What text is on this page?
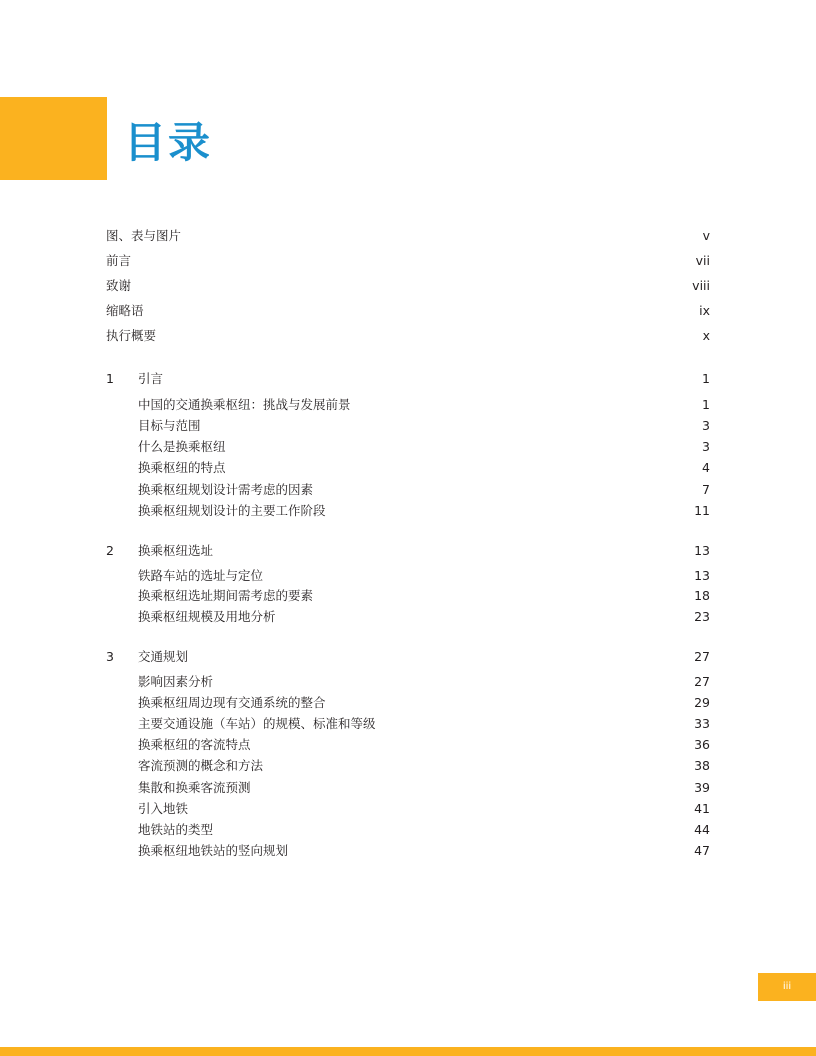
目录
图、表与图片	v
前言	vii
致谢	viii
缩略语	ix
执行概要	x
1 引言	1
中国的交通换乘枢纽：挑战与发展前景	1
目标与范围	3
什么是换乘枢纽	3
换乘枢纽的特点	4
换乘枢纽规划设计需考虑的因素	7
换乘枢纽规划设计的主要工作阶段	11
2 换乘枢纽选址	13
铁路车站的选址与定位	13
换乘枢纽选址期间需考虑的要素	18
换乘枢纽规模及用地分析	23
3 交通规划	27
影响因素分析	27
换乘枢纽周边现有交通系统的整合	29
主要交通设施（车站）的规模、标准和等级	33
换乘枢纽的客流特点	36
客流预测的概念和方法	38
集散和换乘客流预测	39
引入地铁	41
地铁站的类型	44
换乘枢纽地铁站的竖向规划	47
iii
